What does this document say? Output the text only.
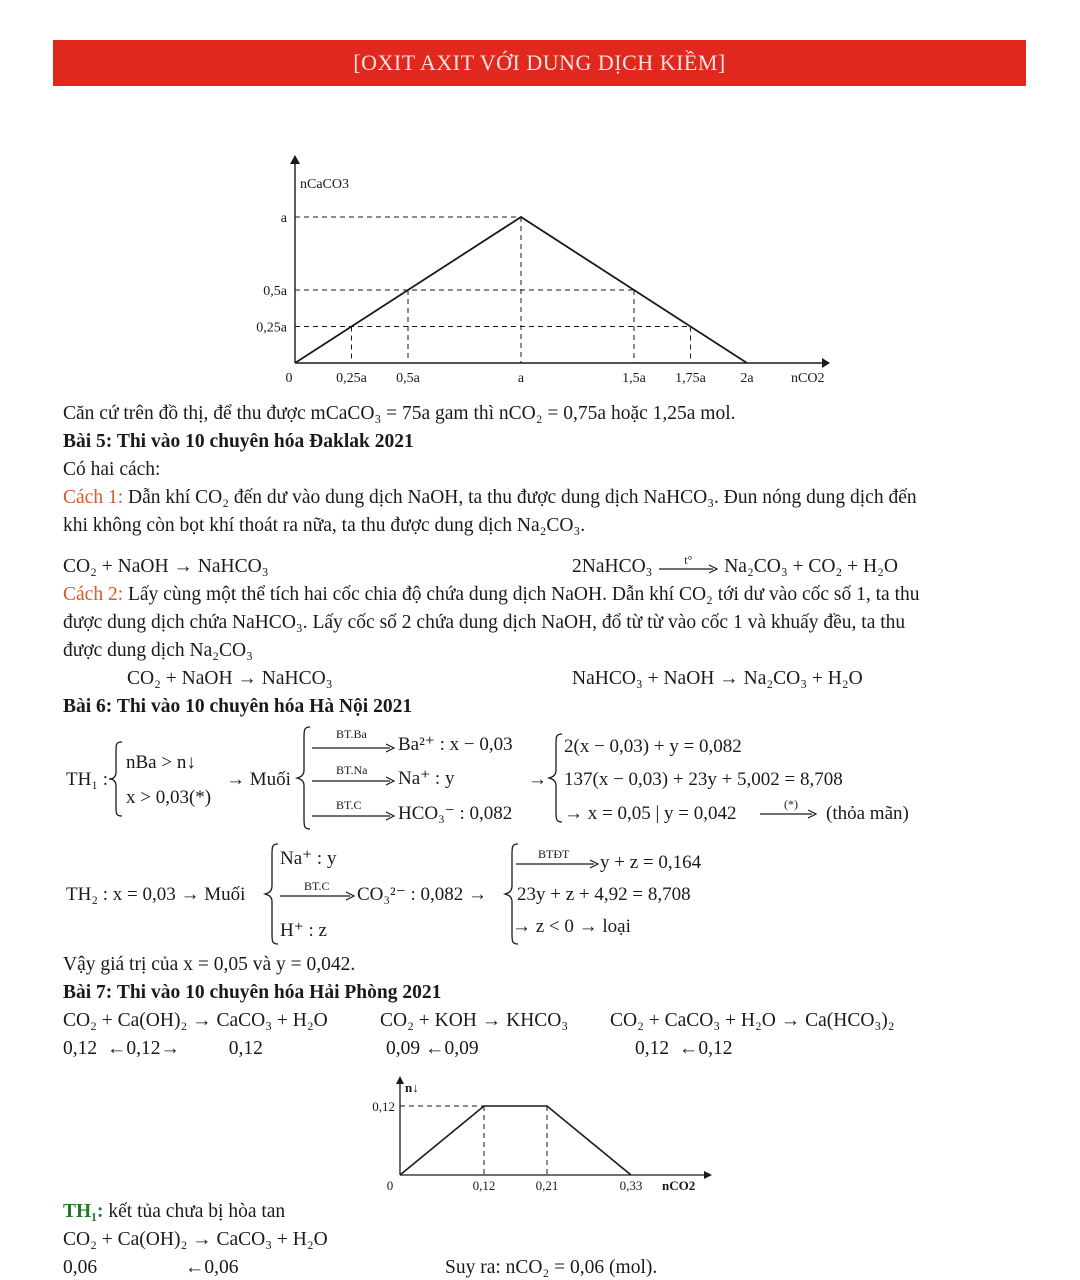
[OXIT AXIT VỚI DUNG DỊCH KIỀM]
0	0,25a 0,5a	a	1,5a 1,75a 2a
a
0,5a
0,25a
nCaCO3
nCO2
Căn cứ trên đồ thị, để thu được mCaCO₃ = 75a gam thì nCO₂ = 0,75a hoặc 1,25a mol.
Bài 5: Thi vào 10 chuyên hóa Đaklak 2021
Có hai cách:
Cách 1: Dẫn khí CO₂ đến dư vào dung dịch NaOH, ta thu được dung dịch NaHCO₃. Đun nóng dung dịch đến
khi không còn bọt khí thoát ra nữa, ta thu được dung dịch Na₂CO₃.
CO₂ + NaOH → NaHCO₃	2NaHCO₃	t°	Na₂CO₃ + CO₂ + H₂O
Cách 2: Lấy cùng một thể tích hai cốc chia độ chứa dung dịch NaOH. Dẫn khí CO₂ tới dư vào cốc số 1, ta thu
được dung dịch chứa NaHCO₃. Lấy cốc số 2 chứa dung dịch NaOH, đổ từ từ vào cốc 1 và khuấy đều, ta thu
được dung dịch Na₂CO₃
CO₂ + NaOH → NaHCO₃	NaHCO₃ + NaOH → Na₂CO₃ + H₂O
Bài 6: Thi vào 10 chuyên hóa Hà Nội 2021
TH₁ :
nBa > n↓
x > 0,03(*)
→ Muối
BT.Ba Ba²⁺ : x − 0,03
BT.Na Na⁺ : y
BT.C HCO₃⁻ : 0,082
→
2(x − 0,03) + y = 0,082
137(x − 0,03) + 23y + 5,002 = 8,708
→ x = 0,05 | y = 0,042	(*) (thỏa mãn)
TH₂ : x = 0,03 → Muối
Na⁺ : y
BT.C CO₃²⁻ : 0,082 →
H⁺ : z
BTĐT y + z = 0,164
23y + z + 4,92 = 8,708
→ z < 0 → loại
Vậy giá trị của x = 0,05 và y = 0,042.
Bài 7: Thi vào 10 chuyên hóa Hải Phòng 2021
CO₂ + Ca(OH)₂ → CaCO₃ + H₂O	CO₂ + KOH → KHCO₃ CO₂ + CaCO₃ + H₂O → Ca(HCO₃)₂
0,12  ←0,12→          0,12	0,09 ←0,09	0,12  ←0,12
0	0,12	0,21	0,33
0,12
n↓
nCO2
TH₁: kết tủa chưa bị hòa tan
CO₂ + Ca(OH)₂ → CaCO₃ + H₂O
0,06                  ←0,06	Suy ra: nCO₂ = 0,06 (mol).
